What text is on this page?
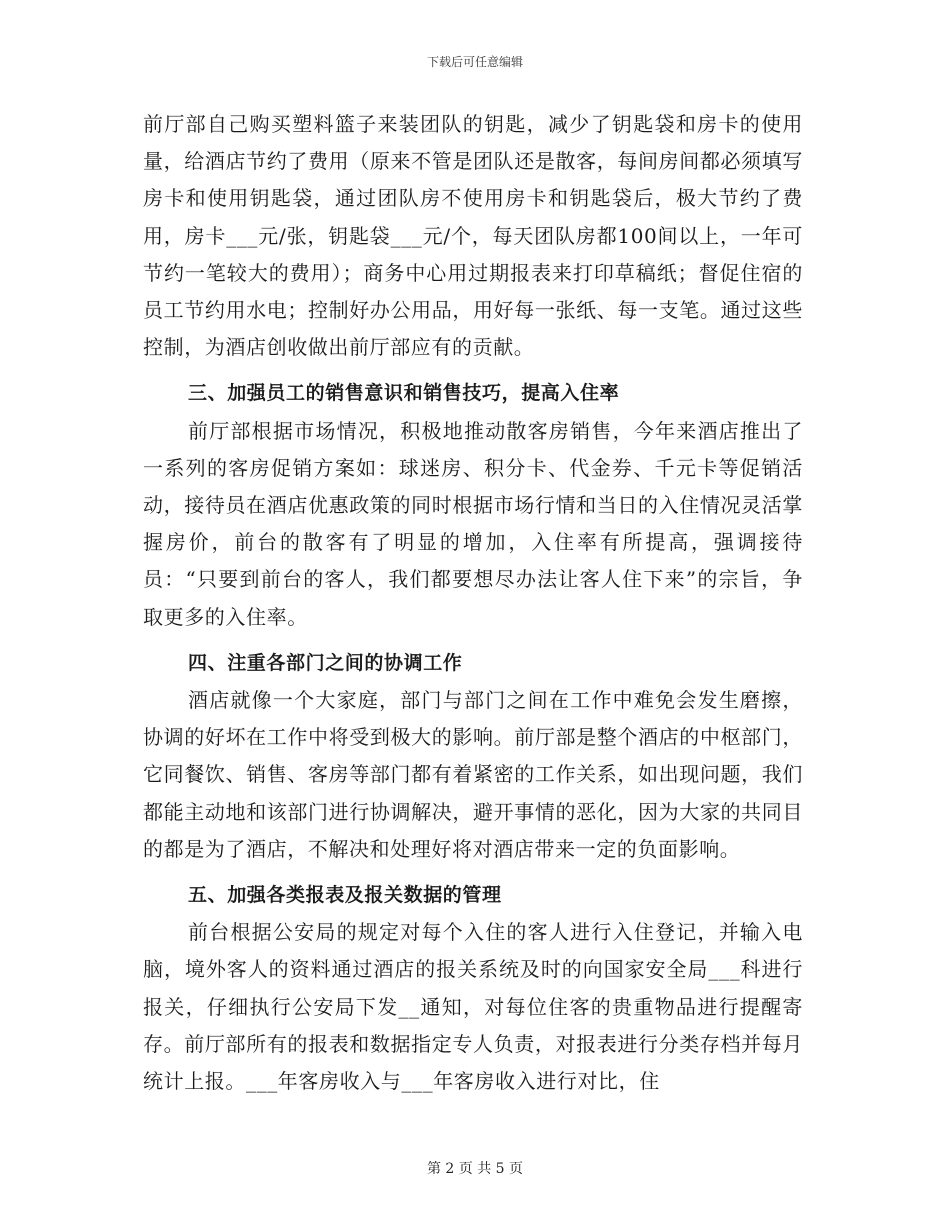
下载后可任意编辑

前厅部自己购买塑料篮子来装团队的钥匙，减少了钥匙袋和房卡的使用量，给酒店节约了费用（原来不管是团队还是散客，每间房间都必须填写房卡和使用钥匙袋，通过团队房不使用房卡和钥匙袋后，极大节约了费用，房卡___元/张，钥匙袋___元/个，每天团队房都100间以上，一年可节约一笔较大的费用）；商务中心用过期报表来打印草稿纸；督促住宿的员工节约用水电；控制好办公用品，用好每一张纸、每一支笔。通过这些控制，为酒店创收做出前厅部应有的贡献。

三、加强员工的销售意识和销售技巧，提高入住率

前厅部根据市场情况，积极地推动散客房销售，今年来酒店推出了一系列的客房促销方案如：球迷房、积分卡、代金券、千元卡等促销活动，接待员在酒店优惠政策的同时根据市场行情和当日的入住情况灵活掌握房价，前台的散客有了明显的增加，入住率有所提高，强调接待员：“只要到前台的客人，我们都要想尽办法让客人住下来”的宗旨，争取更多的入住率。

四、注重各部门之间的协调工作

酒店就像一个大家庭，部门与部门之间在工作中难免会发生磨擦，协调的好坏在工作中将受到极大的影响。前厅部是整个酒店的中枢部门，它同餐饮、销售、客房等部门都有着紧密的工作关系，如出现问题，我们都能主动地和该部门进行协调解决，避开事情的恶化，因为大家的共同目的都是为了酒店，不解决和处理好将对酒店带来一定的负面影响。

五、加强各类报表及报关数据的管理

前台根据公安局的规定对每个入住的客人进行入住登记，并输入电脑，境外客人的资料通过酒店的报关系统及时的向国家安全局___科进行报关，仔细执行公安局下发__通知，对每位住客的贵重物品进行提醒寄存。前厅部所有的报表和数据指定专人负责，对报表进行分类存档并每月统计上报。___年客房收入与___年客房收入进行对比，住

第 2 页 共 5 页
